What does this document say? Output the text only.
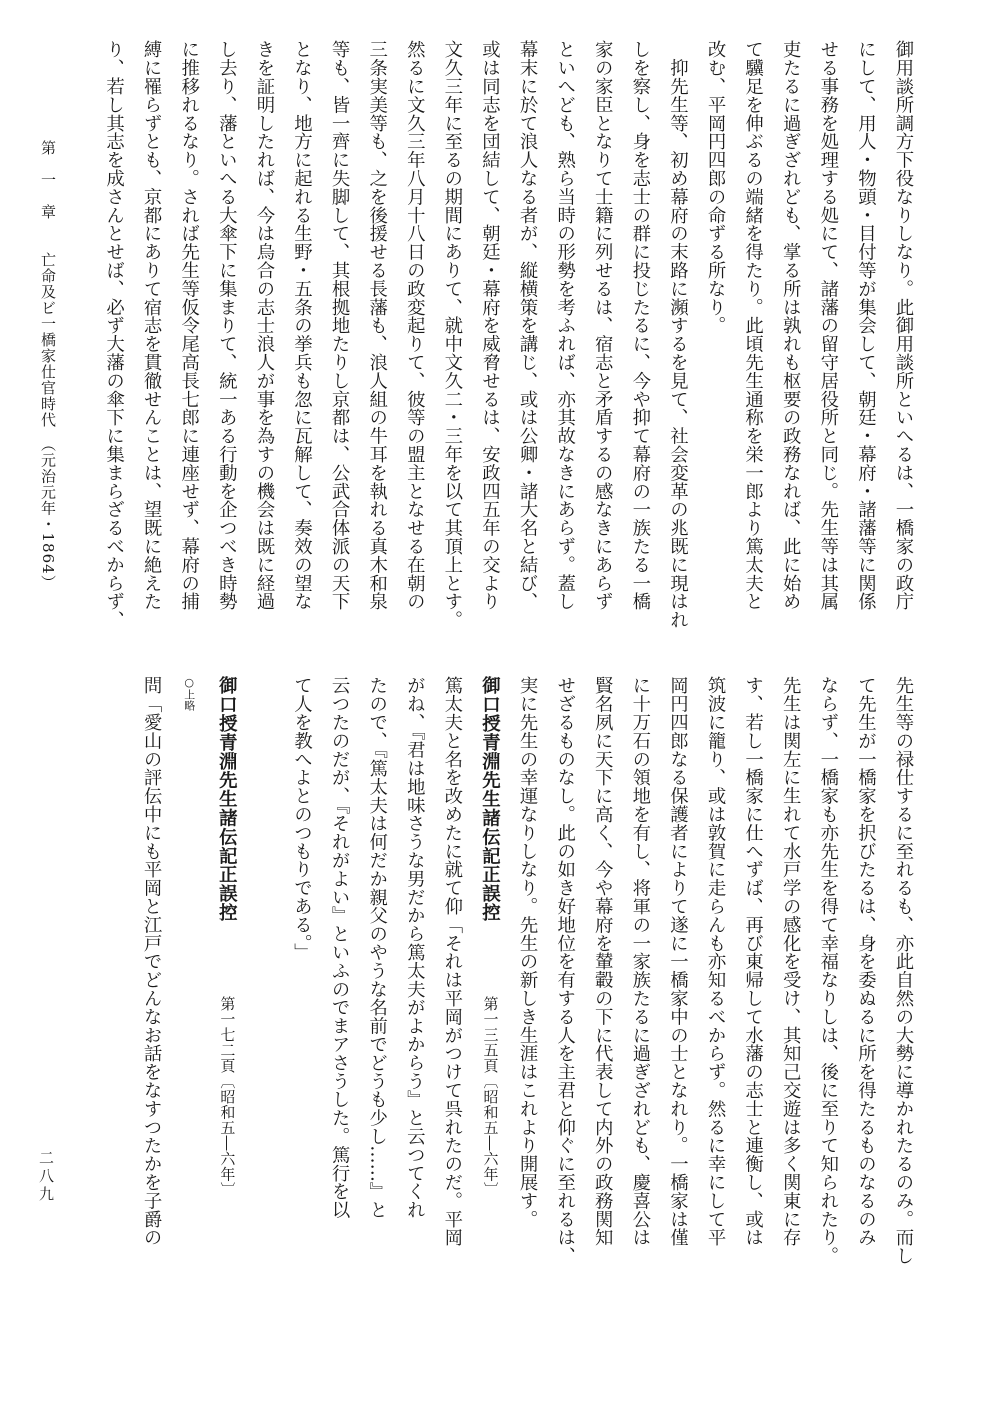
御用談所調方下役なりしなり。此御用談所といへるは、一橋家の政庁
にして、用人・物頭・目付等が集会して、朝廷・幕府・諸藩等に関係
せる事務を処理する処にて、諸藩の留守居役所と同じ。先生等は其属
吏たるに過ぎざれども、掌る所は孰れも枢要の政務なれば、此に始め
て驥足を伸ぶるの端緒を得たり。此頃先生通称を栄一郎より篤太夫と
改む、平岡円四郎の命ずる所なり。
　抑先生等、初め幕府の末路に瀕するを見て、社会変革の兆既に現はれ
しを察し、身を志士の群に投じたるに、今や抑て幕府の一族たる一橋
家の家臣となりて士籍に列せるは、宿志と矛盾するの感なきにあらず
といへども、熟ら当時の形勢を考ふれば、亦其故なきにあらず。蓋し
幕末に於て浪人なる者が、縦横策を講じ、或は公卿・諸大名と結び、
或は同志を団結して、朝廷・幕府を威脅せるは、安政四五年の交より
文久三年に至るの期間にありて、就中文久二・三年を以て其頂上とす。
然るに文久三年八月十八日の政変起りて、彼等の盟主となせる在朝の
三条実美等も、之を後援せる長藩も、浪人組の牛耳を執れる真木和泉
等も、皆一齊に失脚して、其根拠地たりし京都は、公武合体派の天下
となり、地方に起れる生野・五条の挙兵も忽に瓦解して、奏效の望な
きを証明したれば、今は烏合の志士浪人が事を為すの機会は既に経過
し去り、藩といへる大傘下に集まりて、統一ある行動を企つべき時勢
に推移れるなり。されば先生等仮令尾高長七郎に連座せず、幕府の捕
縛に罹らずとも、京都にありて宿志を貫徹せんことは、望既に絶えた
り、若し其志を成さんとせば、必ず大藩の傘下に集まらざるべからず、
先生等の禄仕するに至れるも、亦此自然の大勢に導かれたるのみ。而し
て先生が一橋家を択びたるは、身を委ぬるに所を得たるものなるのみ
ならず、一橋家も亦先生を得て幸福なりしは、後に至りて知られたり。
先生は関左に生れて水戸学の感化を受け、其知己交遊は多く関東に存
す、若し一橋家に仕へずば、再び東帰して水藩の志士と連衡し、或は
筑波に籠り、或は敦賀に走らんも亦知るべからず。然るに幸にして平
岡円四郎なる保護者によりて遂に一橋家中の士となれり。一橋家は僅
に十万石の領地を有し、将軍の一家族たるに過ぎざれども、慶喜公は
賢名夙に天下に高く、今や幕府を輦轂の下に代表して内外の政務関知
せざるものなし。此の如き好地位を有する人を主君と仰ぐに至れるは、
実に先生の幸運なりしなり。先生の新しき生涯はこれより開展す。
御口授青淵先生諸伝記正誤控
第一三五頁〔昭和五―六年〕
篤太夫と名を改めたに就て仰「それは平岡がつけて呉れたのだ。平岡
がね、『君は地味さうな男だから篤太夫がよからう』と云つてくれ
たので、『篤太夫は何だか親父のやうな名前でどうも少し……』と
云つたのだが、『それがよい』といふのでまアさうした。篤行を以
て人を教へよとのつもりである。」
御口授青淵先生諸伝記正誤控
第一七二頁〔昭和五―六年〕
○上略
問「愛山の評伝中にも平岡と江戸でどんなお話をなすつたかを子爵の
第　一　章　　亡命及ビ一橋家仕官時代　（元治元年・1864）
二八九
